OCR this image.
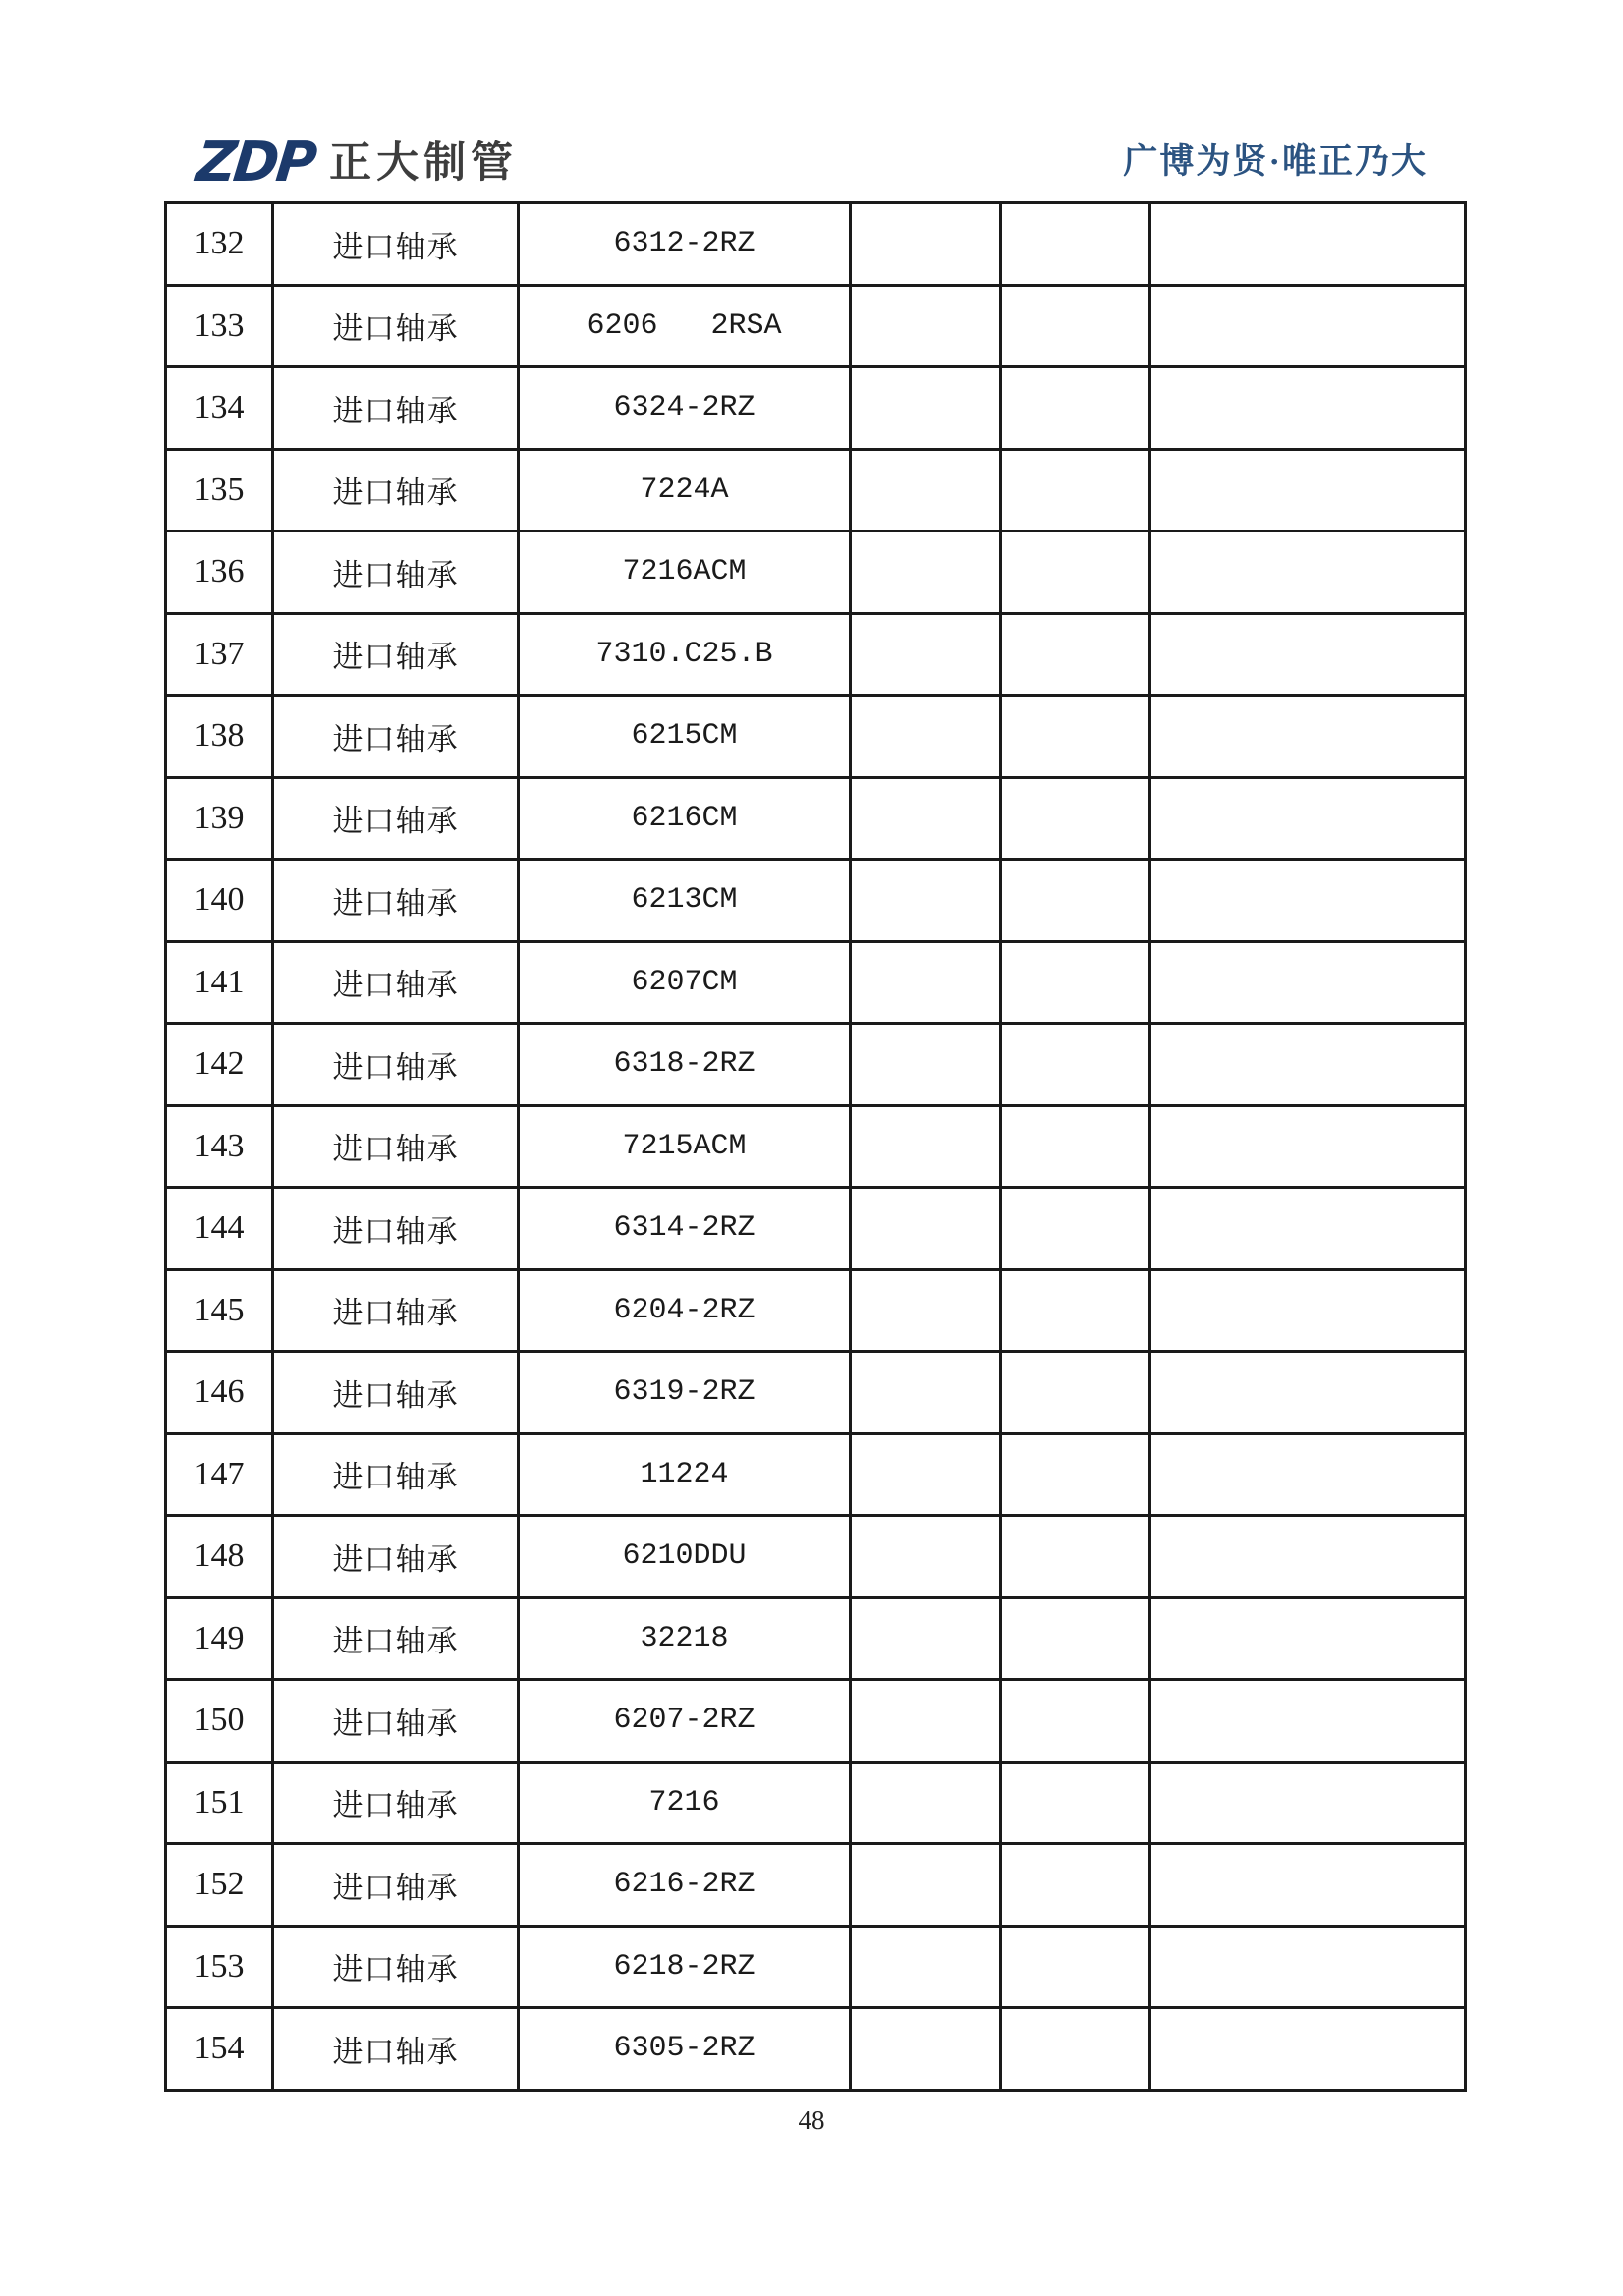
ZDP 正大制管	广博为贤·唯正乃大
132	进口轴承	6312-2RZ			
133	进口轴承	6206   2RSA			
134	进口轴承	6324-2RZ			
135	进口轴承	7224A			
136	进口轴承	7216ACM			
137	进口轴承	7310.C25.B			
138	进口轴承	6215CM			
139	进口轴承	6216CM			
140	进口轴承	6213CM			
141	进口轴承	6207CM			
142	进口轴承	6318-2RZ			
143	进口轴承	7215ACM			
144	进口轴承	6314-2RZ			
145	进口轴承	6204-2RZ			
146	进口轴承	6319-2RZ			
147	进口轴承	11224			
148	进口轴承	6210DDU			
149	进口轴承	32218			
150	进口轴承	6207-2RZ			
151	进口轴承	7216			
152	进口轴承	6216-2RZ			
153	进口轴承	6218-2RZ			
154	进口轴承	6305-2RZ			
48
